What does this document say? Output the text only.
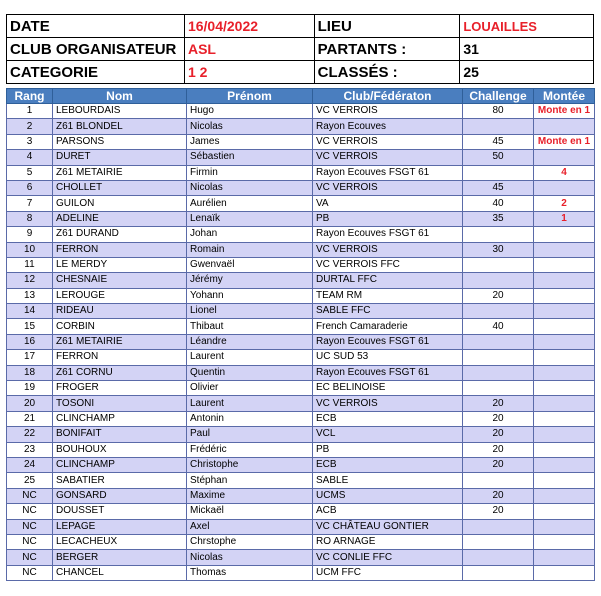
DATE	16/04/2022	LIEU	LOUAILLES
CLUB ORGANISATEUR	ASL	PARTANTS :	31
CATEGORIE	1 2	CLASSÉS :	25
Rang	Nom	Prénom	Club/Fédératon	Challenge	Montée
1	LEBOURDAIS	Hugo	VC VERROIS	80	Monte en 1
2	Z61 BLONDEL	Nicolas	Rayon Ecouves		
3	PARSONS	James	VC VERROIS	45	Monte en 1
4	DURET	Sébastien	VC VERROIS	50	
5	Z61 METAIRIE	Firmin	Rayon Ecouves FSGT 61		4
6	CHOLLET	Nicolas	VC VERROIS	45	
7	GUILON	Aurélien	VA	40	2
8	ADELINE	Lenaïk	PB	35	1
9	Z61 DURAND	Johan	Rayon Ecouves FSGT 61		
10	FERRON	Romain	VC VERROIS	30	
11	LE MERDY	Gwenvaël	VC VERROIS FFC		
12	CHESNAIE	Jérémy	DURTAL FFC		
13	LEROUGE	Yohann	TEAM RM	20	
14	RIDEAU	Lionel	SABLE FFC		
15	CORBIN	Thibaut	French Camaraderie	40	
16	Z61 METAIRIE	Léandre	Rayon Ecouves FSGT 61		
17	FERRON	Laurent	UC SUD 53		
18	Z61 CORNU	Quentin	Rayon Ecouves FSGT 61		
19	FROGER	Olivier	EC BELINOISE		
20	TOSONI	Laurent	VC VERROIS	20	
21	CLINCHAMP	Antonin	ECB	20	
22	BONIFAIT	Paul	VCL	20	
23	BOUHOUX	Frédéric	PB	20	
24	CLINCHAMP	Christophe	ECB	20	
25	SABATIER	Stéphan	SABLE		
NC	GONSARD	Maxime	UCMS	20	
NC	DOUSSET	Mickaël	ACB	20	
NC	LEPAGE	Axel	VC CHÂTEAU GONTIER		
NC	LECACHEUX	Chrstophe	RO ARNAGE		
NC	BERGER	Nicolas	VC CONLIE FFC		
NC	CHANCEL	Thomas	UCM FFC		
